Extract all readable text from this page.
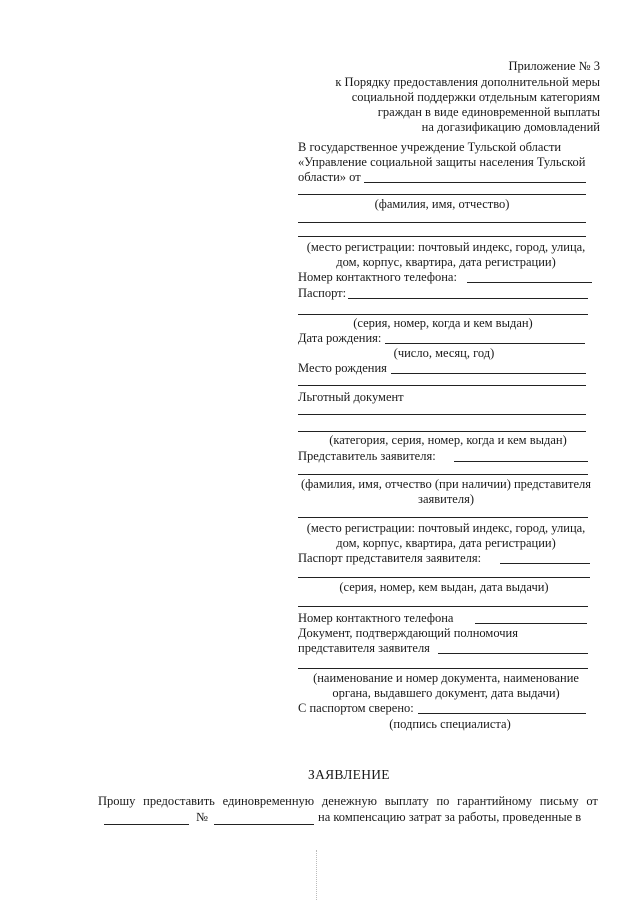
Приложение № 3
к Порядку предоставления дополнительной меры
социальной поддержки отдельным категориям
граждан в виде единовременной выплаты
на догазификацию домовладений
В государственное учреждение Тульской области
«Управление социальной защиты населения Тульской
области» от
(фамилия, имя, отчество)
(место регистрации: почтовый индекс, город, улица,
дом, корпус, квартира, дата регистрации)
Номер контактного телефона:
Паспорт:
(серия, номер, когда и кем выдан)
Дата рождения:
(число, месяц, год)
Место рождения
Льготный документ
(категория, серия, номер, когда и кем выдан)
Представитель заявителя:
(фамилия, имя, отчество (при наличии) представителя
заявителя)
(место регистрации: почтовый индекс, город, улица,
дом, корпус, квартира, дата регистрации)
Паспорт представителя заявителя:
(серия, номер, кем выдан, дата выдачи)
Номер контактного телефона
Документ, подтверждающий полномочия
представителя заявителя
(наименование и номер документа, наименование
органа, выдавшего документ, дата выдачи)
С паспортом сверено:
(подпись специалиста)
ЗАЯВЛЕНИЕ
Прошу предоставить единовременную денежную выплату по гарантийному письму от
№	на компенсацию затрат за работы, проведенные в
